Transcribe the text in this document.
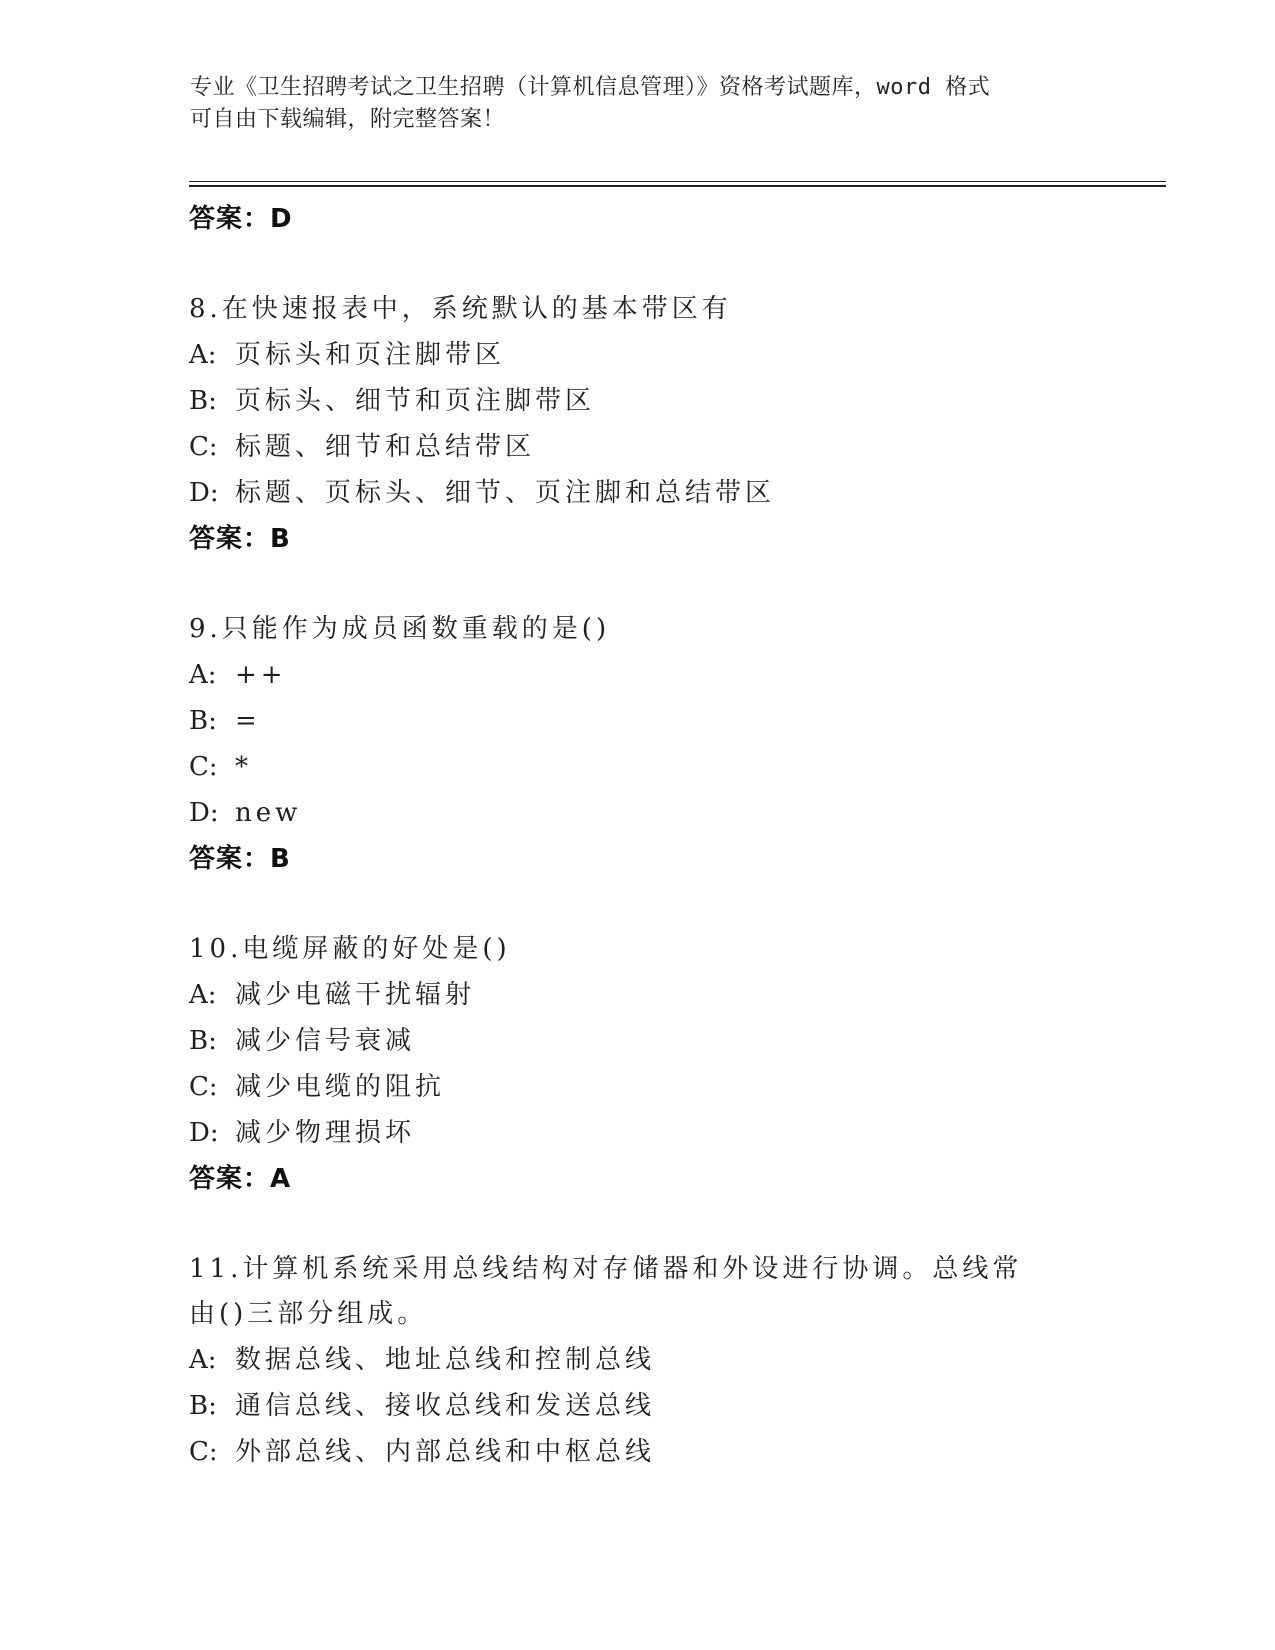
专业《卫生招聘考试之卫生招聘（计算机信息管理）》资格考试题库，word 格式
可自由下载编辑，附完整答案！
答案：D
8.在快速报表中，系统默认的基本带区有
A: 页标头和页注脚带区
B: 页标头、细节和页注脚带区
C: 标题、细节和总结带区
D: 标题、页标头、细节、页注脚和总结带区
答案：B
9.只能作为成员函数重载的是()
A: ++
B: =
C: *
D: new
答案：B
10.电缆屏蔽的好处是()
A: 减少电磁干扰辐射
B: 减少信号衰减
C: 减少电缆的阻抗
D: 减少物理损坏
答案：A
11.计算机系统采用总线结构对存储器和外设进行协调。总线常由()三部分组成。
A: 数据总线、地址总线和控制总线
B: 通信总线、接收总线和发送总线
C: 外部总线、内部总线和中枢总线
